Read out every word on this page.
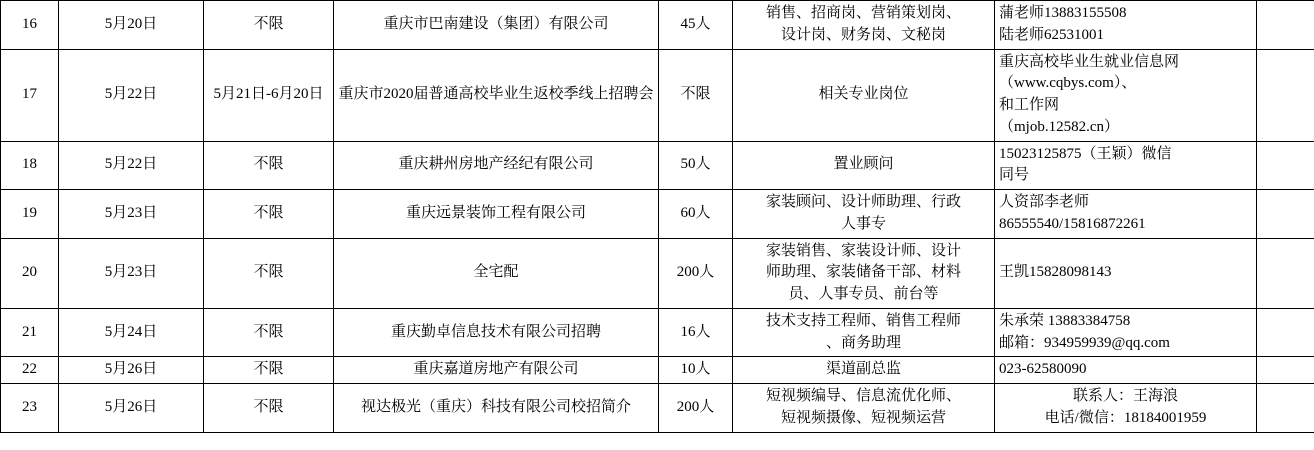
16	5月20日	不限	重庆市巴南建设（集团）有限公司	45人	销售、招商岗、营销策划岗、
设计岗、财务岗、文秘岗	蒲老师13883155508
陆老师62531001	

17	5月22日	5月21日-6月20日	重庆市2020届普通高校毕业生返校季线上招聘会	不限	相关专业岗位	重庆高校毕业生就业信息网
（www.cqbys.com）、
和工作网
（mjob.12582.cn）	

18	5月22日	不限	重庆耕州房地产经纪有限公司	50人	置业顾问	15023125875（王颖）微信
同号	

19	5月23日	不限	重庆远景装饰工程有限公司	60人	家装顾问、设计师助理、行政
人事专	人资部李老师
86555540/15816872261	

20	5月23日	不限	全宅配	200人	家装销售、家装设计师、设计
师助理、家装储备干部、材料
员、人事专员、前台等	王凯15828098143	

21	5月24日	不限	重庆勤卓信息技术有限公司招聘	16人	技术支持工程师、销售工程师
、商务助理	朱承荣 13883384758
邮箱：934959939@qq.com	

22	5月26日	不限	重庆嘉道房地产有限公司	10人	渠道副总监	023-62580090	

23	5月26日	不限	视达极光（重庆）科技有限公司校招简介	200人	短视频编导、信息流优化师、
短视频摄像、短视频运营	联系人：王海浪
电话/微信：18184001959	
